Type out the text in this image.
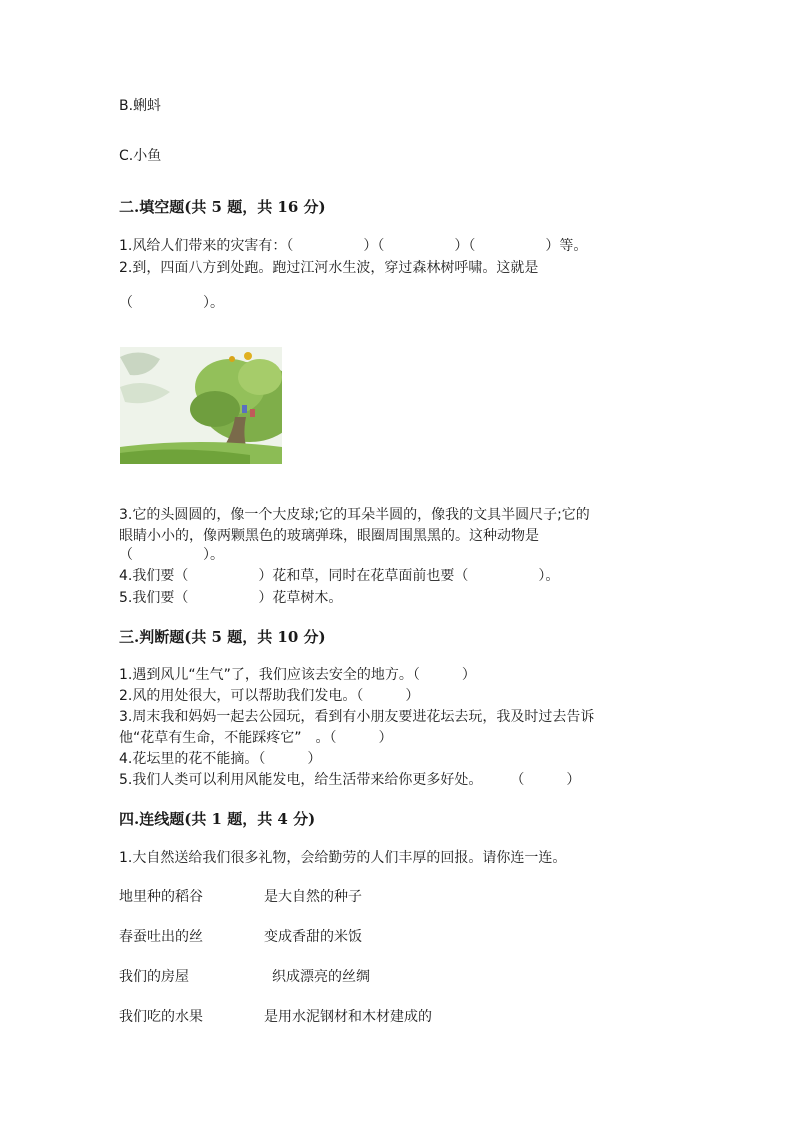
B.蜊蚪
C.小鱼
二.填空题(共 5 题，共 16 分)
1.风给人们带来的灾害有：（　　　　　）（　　　　　）（　　　　　）等。
2.到，四面八方到处跑。跑过江河水生波，穿过森林树呼啸。这就是
（　　　　　）。
3.它的头圆圆的，像一个大皮球;它的耳朵半圆的，像我的文具半圆尺子;它的
眼睛小小的，像两颗黑色的玻璃弹珠，眼圈周围黑黑的。这种动物是
（　　　　　）。
4.我们要（　　　　　）花和草，同时在花草面前也要（　　　　　）。
5.我们要（　　　　　）花草树木。
三.判断题(共 5 题，共 10 分)
1.遇到风儿“生气”了，我们应该去安全的地方。（　　　）
2.风的用处很大，可以帮助我们发电。（　　　）
3.周末我和妈妈一起去公园玩，看到有小朋友要进花坛去玩，我及时过去告诉
他“花草有生命，不能踩疼它”　。（　　　）
4.花坛里的花不能摘。（　　　）
5.我们人类可以利用风能发电，给生活带来给你更多好处。　　　（　　　）
四.连线题(共 1 题，共 4 分)
1.大自然送给我们很多礼物，会给勤劳的人们丰厚的回报。请你连一连。
地里种的稻谷	是大自然的种子
春蚕吐出的丝	变成香甜的米饭
我们的房屋	织成漂亮的丝绸
我们吃的水果	是用水泥钢材和木材建成的
